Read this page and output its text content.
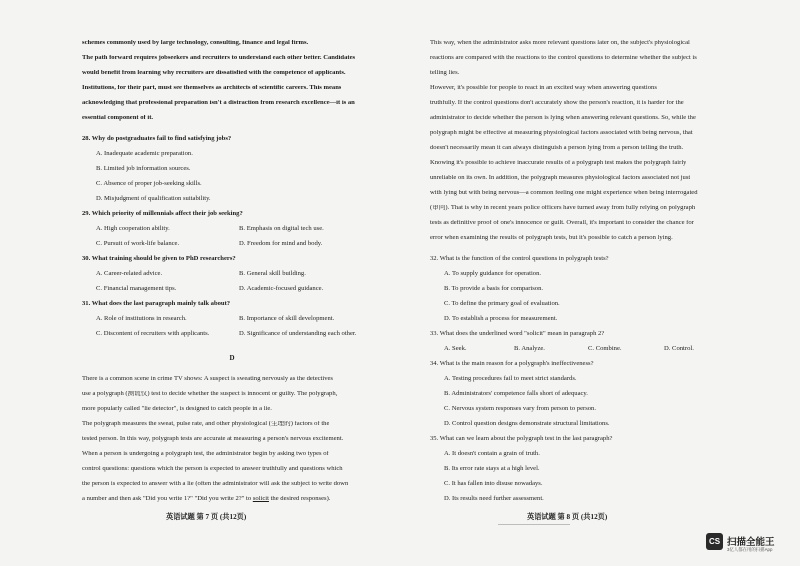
schemes commonly used by large technology, consulting, finance and legal firms.
The path forward requires jobseekers and recruiters to understand each other better. Candidates
would benefit from learning why recruiters are dissatisfied with the competence of applicants.
Institutions, for their part, must see themselves as architects of scientific careers. This means
acknowledging that professional preparation isn't a distraction from research excellence—it is an
essential component of it.
28. Why do postgraduates fail to find satisfying jobs?
A. Inadequate academic preparation.
B. Limited job information sources.
C. Absence of proper job-seeking skills.
D. Misjudgment of qualification suitability.
29. Which priority of millennials affect their job seeking?
A. High cooperation ability.	B. Emphasis on digital tech use.
C. Pursuit of work-life balance.	D. Freedom for mind and body.
30. What training should be given to PhD researchers?
A. Career-related advice.	B. General skill building.
C. Financial management tips.	D. Academic-focused guidance.
31. What does the last paragraph mainly talk about?
A. Role of institutions in research.	B. Importance of skill development.
C. Discontent of recruiters with applicants.	D. Significance of understanding each other.
D
There is a common scene in crime TV shows: A suspect is sweating nervously as the detectives
use a polygraph (测谎仪) test to decide whether the suspect is innocent or guilty. The polygraph,
more popularly called "lie detector", is designed to catch people in a lie.
The polygraph measures the sweat, pulse rate, and other physiological (生理的) factors of the
tested person. In this way, polygraph tests are accurate at measuring a person's nervous excitement.
When a person is undergoing a polygraph test, the administrator begin by asking two types of
control questions: questions which the person is expected to answer truthfully and questions which
the person is expected to answer with a lie (often the administrator will ask the subject to write down
a number and then ask "Did you write 1?" "Did you write 2?" to solicit the desired responses).
英语试题 第 7 页 (共12页)
This way, when the administrator asks more relevant questions later on, the subject's physiological
reactions are compared with the reactions to the control questions to determine whether the subject is
telling lies.
However, it's possible for people to react in an excited way when answering questions
truthfully. If the control questions don't accurately show the person's reaction, it is harder for the
administrator to decide whether the person is lying when answering relevant questions. So, while the
polygraph might be effective at measuring physiological factors associated with being nervous, that
doesn't necessarily mean it can always distinguish a person lying from a person telling the truth.
Knowing it's possible to achieve inaccurate results of a polygraph test makes the polygraph fairly
unreliable on its own. In addition, the polygraph measures physiological factors associated not just
with lying but with being nervous—a common feeling one might experience when being interrogated
(审问). That is why in recent years police officers have turned away from fully relying on polygraph
tests as definitive proof of one's innocence or guilt. Overall, it's important to consider the chance for
error when examining the results of polygraph tests, but it's possible to catch a person lying.
32. What is the function of the control questions in polygraph tests?
A. To supply guidance for operation.
B. To provide a basis for comparison.
C. To define the primary goal of evaluation.
D. To establish a process for measurement.
33. What does the underlined word "solicit" mean in paragraph 2?
A. Seek.	B. Analyze.	C. Combine.	D. Control.
34. What is the main reason for a polygraph's ineffectiveness?
A. Testing procedures fail to meet strict standards.
B. Administrators' competence falls short of adequacy.
C. Nervous system responses vary from person to person.
D. Control question designs demonstrate structural limitations.
35. What can we learn about the polygraph test in the last paragraph?
A. It doesn't contain a grain of truth.
B. Its error rate stays at a high level.
C. It has fallen into disuse nowadays.
D. Its results need further assessment.
英语试题 第 8 页 (共12页)
CS 扫描全能王
3亿人都在用的扫描App
